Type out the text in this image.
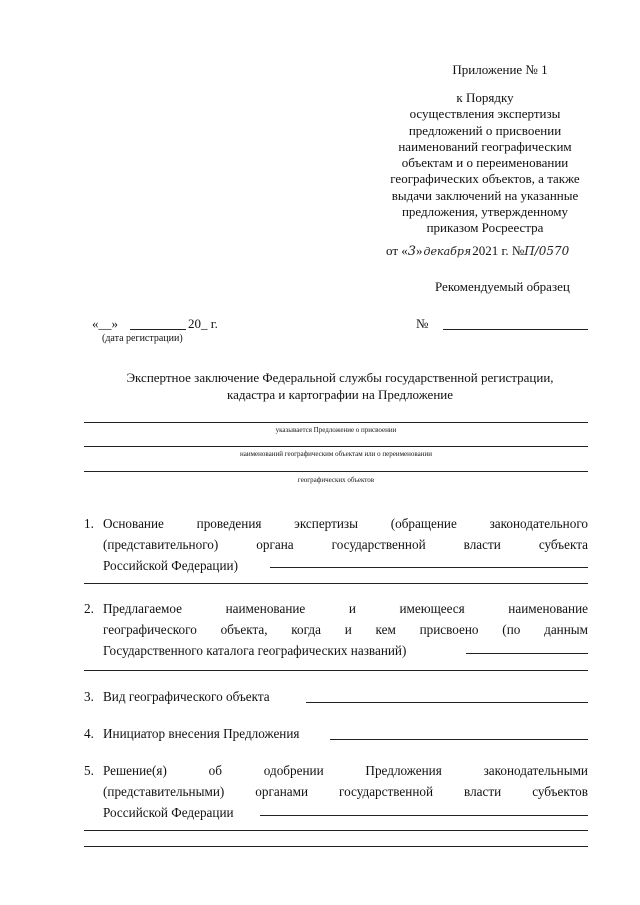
Приложение № 1
к Порядку
осуществления экспертизы
предложений о присвоении
наименований географическим
объектам и о переименовании
географических объектов, а также
выдачи заключений на указанные
предложения, утвержденному
приказом Росреестра
от «3»декабря2021 г. №П/0570
Рекомендуемый образец
«__»	20_ г.
(дата регистрации)
№
Экспертное заключение Федеральной службы государственной регистрации,
кадастра и картографии на Предложение
указывается Предложение о присвоении
наименований географическим объектам или о переименовании
географических объектов
1. Основание проведения экспертизы (обращение законодательного
(представительного) органа государственной власти субъекта
Российской Федерации)
2. Предлагаемое наименование и имеющееся наименование
географического объекта, когда и кем присвоено (по данным
Государственного каталога географических названий)
3. Вид географического объекта
4. Инициатор внесения Предложения
5. Решение(я) об одобрении Предложения законодательными
(представительными) органами государственной власти субъектов
Российской Федерации
